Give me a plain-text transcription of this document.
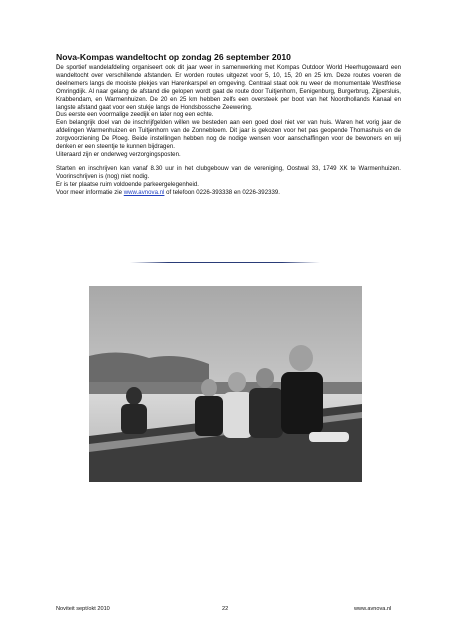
Nova-Kompas wandeltocht op zondag 26 september 2010

De sportief wandelafdeling organiseert ook dit jaar weer in samenwerking met Kompas Outdoor World Heerhugowaard een wandeltocht over verschillende afstanden. Er worden routes uitgezet voor 5, 10, 15, 20 en 25 km. Deze routes voeren de deelnemers langs de mooiste plekjes van Harenkarspel en omgeving. Centraal staat ook nu weer de monumentale Westfriese Omringdijk. Al naar gelang de afstand die gelopen wordt gaat de route door Tuitjenhorn, Eenigenburg, Burgerbrug, Zijpersluis, Krabbendam, en Warmenhuizen. De 20 en 25 km hebben zelfs een oversteek per boot van het Noordhollands Kanaal en langste afstand gaat voor een stukje langs de Hondsbossche Zeewering.

Dus eerste een voormalige zeedijk en later nog een echte.

Een belangrijk doel van de inschrijfgelden willen we besteden aan een goed doel niet ver van huis. Waren het vorig jaar de afdelingen Warmenhuizen en Tuitjenhorn van de Zonnebloem. Dit jaar is gekozen voor het pas geopende Thomashuis en de zorgvoorziening De Ploeg. Beide instellingen hebben nog de nodige wensen voor aanschaffingen voor de bewoners en wij denken er een steentje te kunnen bijdragen.

Uiteraard zijn er onderweg verzorgingsposten.

Starten en inschrijven kan vanaf 8.30 uur in het clubgebouw van de vereniging, Oostwal 33, 1749 XK te Warmenhuizen. Voorinschrijven is (nog) niet nodig.

Er is ter plaatse ruim voldoende parkeergelegenheid.

Voor meer informatie zie www.avnova.nl of telefoon 0226-393338 en 0226-392339.

Noviteit sept/okt 2010	22	www.avnova.nl
